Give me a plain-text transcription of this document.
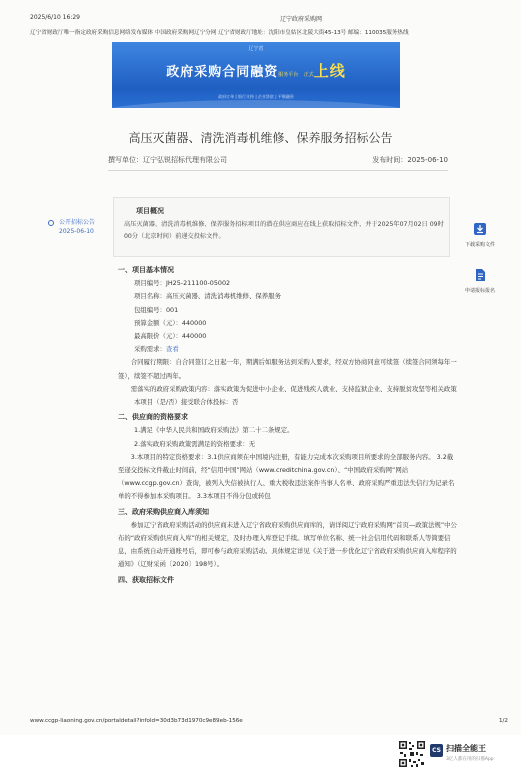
2025/6/10 16:29	辽宁政府采购网
辽宁省财政厅唯一指定政府采购信息网络发布媒体 中国政府采购网辽宁分网 辽宁省财政厅地址：沈阳市皇姑区北陵大街45-13号 邮编：110035服务热线
辽宁省
政府采购合同融资服务平台 正式上线
政府订单 | 银行支持 | 企业贷款 | 平顺融资
高压灭菌器、清洗消毒机维修、保养服务招标公告
撰写单位：辽宁弘锐招标代理有限公司	发布时间：2025-06-10
公开招标公告
2025-06-10
项目概况
高压灭菌器、清洗消毒机维修、保养服务招标项目的潜在供应商应在线上获取招标文件，并于2025年07月02日 09时00分（北京时间）前递交投标文件。
下载采购文件
申请报标报名
一、项目基本情况
项目编号：JH25-211100-05002
项目名称：高压灭菌器、清洗消毒机维修、保养服务
包组编号：001
预算金额（元）：440000
最高限价（元）：440000
采购需求：查看
合同履行期限：自合同签订之日起一年，期满后如服务达到采购人要求，经双方协商同意可续签（续签合同须每年一签），续签不超过两年。
需落实的政府采购政策内容：落实政策为促进中小企业、促进残疾人就业、支持监狱企业、支持脱贫攻坚等相关政策
本项目（是/否）接受联合体投标：否
二、供应商的资格要求
1.满足《中华人民共和国政府采购法》第二十二条规定。
2.落实政府采购政策需满足的资格要求：无
3.本项目的特定资格要求：3.1供应商须在中国境内注册，有能力完成本次采购项目所要求的全部服务内容。 3.2截至递交投标文件截止时间前，经“信用中国”网站（www.creditchina.gov.cn）、“中国政府采购网”网站（www.ccgp.gov.cn）查询，被列入失信被执行人、重大税收违法案件当事人名单、政府采购严重违法失信行为记录名单的不得参加本采购项目。 3.3本项目不得分包或转包
三、政府采购供应商入库须知
参加辽宁省政府采购活动的供应商未进入辽宁省政府采购供应商库的，请详阅辽宁政府采购网“首页—政策法规”中公布的“政府采购供应商入库”的相关规定，及时办理入库登记手续。填写单位名称、统一社会信用代码和联系人等简要信息，由系统自动开通账号后，即可参与政府采购活动。具体规定详见《关于进一步优化辽宁省政府采购供应商入库程序的通知》（辽财采函〔2020〕198号）。
四、获取招标文件
www.ccgp-liaoning.gov.cn/portaldetail?infold=30d3b73d1970c9e89eb-156e	1/2
CS 扫描全能王
3亿人都在用的扫描App
